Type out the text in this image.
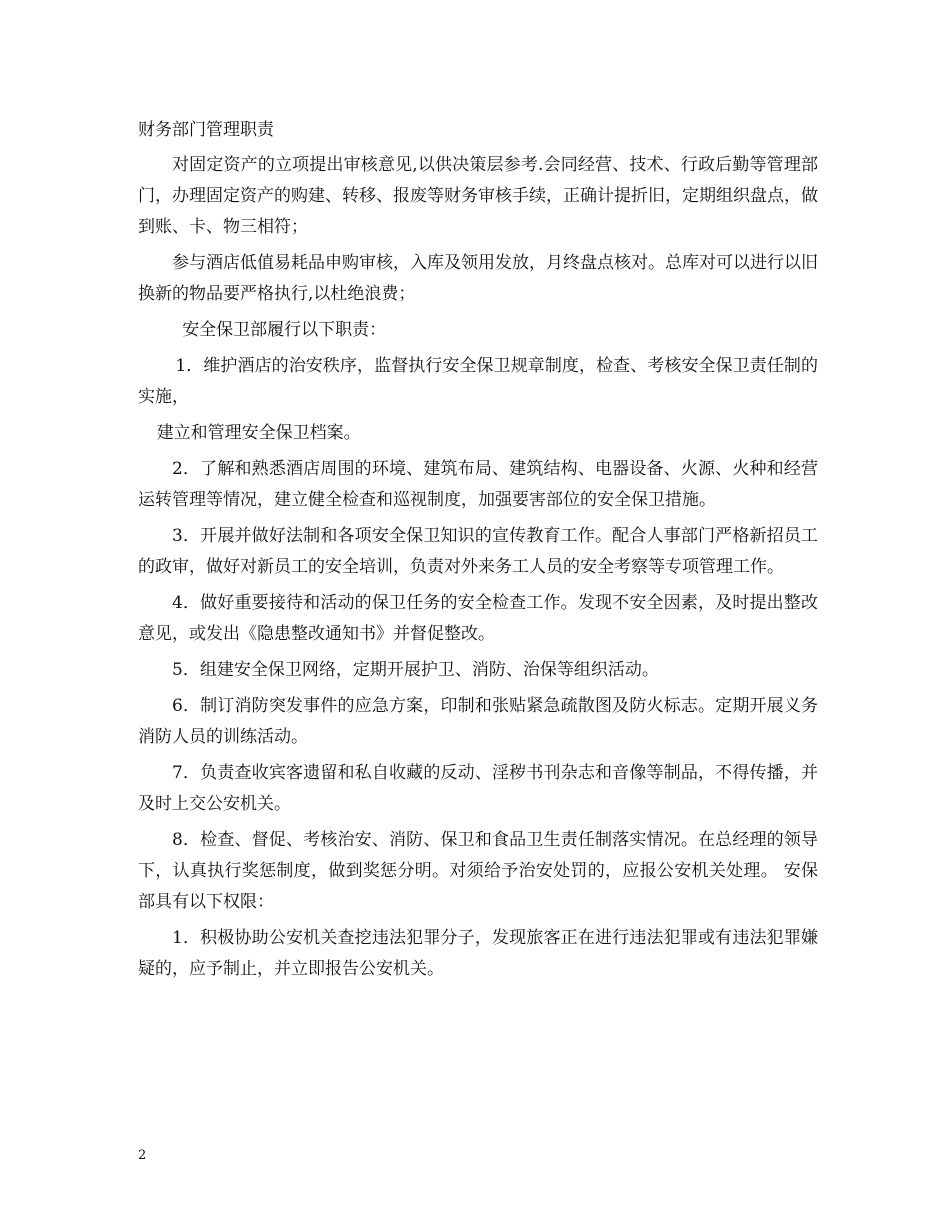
财务部门管理职责

对固定资产的立项提出审核意见,以供决策层参考.会同经营、技术、行政后勤等管理部门，办理固定资产的购建、转移、报废等财务审核手续，正确计提折旧，定期组织盘点，做到账、卡、物三相符；

参与酒店低值易耗品申购审核，入库及领用发放，月终盘点核对。总库对可以进行以旧换新的物品要严格执行,以杜绝浪费；

安全保卫部履行以下职责：

1．维护酒店的治安秩序，监督执行安全保卫规章制度，检查、考核安全保卫责任制的实施，

建立和管理安全保卫档案。

2．了解和熟悉酒店周围的环境、建筑布局、建筑结构、电器设备、火源、火种和经营运转管理等情况，建立健全检查和巡视制度，加强要害部位的安全保卫措施。

3．开展并做好法制和各项安全保卫知识的宣传教育工作。配合人事部门严格新招员工的政审，做好对新员工的安全培训，负责对外来务工人员的安全考察等专项管理工作。

4．做好重要接待和活动的保卫任务的安全检查工作。发现不安全因素，及时提出整改意见，或发出《隐患整改通知书》并督促整改。

5．组建安全保卫网络，定期开展护卫、消防、治保等组织活动。

6．制订消防突发事件的应急方案，印制和张贴紧急疏散图及防火标志。定期开展义务消防人员的训练活动。

7．负责查收宾客遗留和私自收藏的反动、淫秽书刊杂志和音像等制品，不得传播，并及时上交公安机关。

8．检查、督促、考核治安、消防、保卫和食品卫生责任制落实情况。在总经理的领导下，认真执行奖惩制度，做到奖惩分明。对须给予治安处罚的，应报公安机关处理。 安保部具有以下权限：

1．积极协助公安机关查挖违法犯罪分子，发现旅客正在进行违法犯罪或有违法犯罪嫌疑的，应予制止，并立即报告公安机关。

2
